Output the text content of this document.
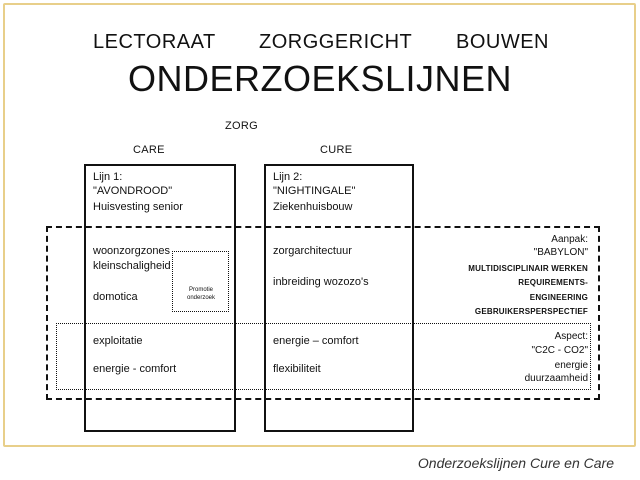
LECTORAAT ZORGGERICHT BOUWEN
ONDERZOEKSLIJNEN
ZORG
CARE	CURE
Lijn 1:
"AVONDROOD"
Huisvesting senior
Lijn 2:
"NIGHTINGALE"
Ziekenhuisbouw
woonzorgzones
kleinschaligheid
domotica
exploitatie
energie - comfort
Promotie
onderzoek
zorgarchitectuur
inbreiding wozozo's
energie – comfort
flexibiliteit
Aanpak:
"BABYLON"
MULTIDISCIPLINAIR WERKEN
REQUIREMENTS-
ENGINEERING
GEBRUIKERSPERSPECTIEF
Aspect:
"C2C - CO2"
energie
duurzaamheid
Onderzoekslijnen Cure en Care
